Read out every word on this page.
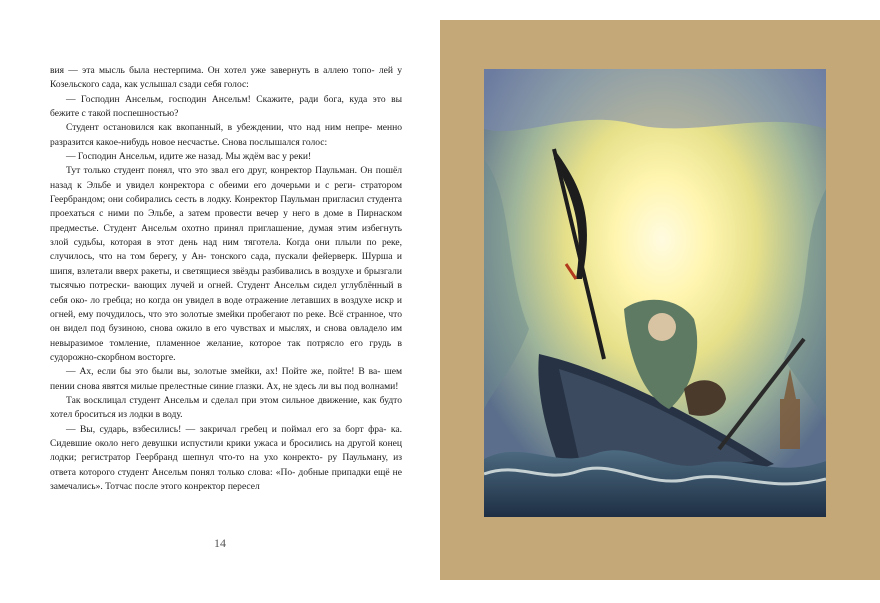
вия — эта мысль была нестерпима. Он хотел уже завернуть в аллею топо- лей у Козельского сада, как услышал сзади себя голос:

— Господин Ансельм, господин Ансельм! Скажите, ради бога, куда это вы бежите с такой поспешностью?

Студент остановился как вкопанный, в убеждении, что над ним непре- менно разразится какое-нибудь новое несчастье. Снова послышался голос:

— Господин Ансельм, идите же назад. Мы ждём вас у реки!

Тут только студент понял, что это звал его друг, конректор Паульман. Он пошёл назад к Эльбе и увидел конректора с обеими его дочерьми и с реги- стратором Геербрандом; они собирались сесть в лодку. Конректор Паульман пригласил студента проехаться с ними по Эльбе, а затем провести вечер у него в доме в Пирнаском предместье. Студент Ансельм охотно принял приглашение, думая этим избегнуть злой судьбы, которая в этот день над ним тяготела. Когда они плыли по реке, случилось, что на том берегу, у Ан- тонского сада, пускали фейерверк. Шурша и шипя, взлетали вверх ракеты, и светящиеся звёзды разбивались в воздухе и брызгали тысячью потрески- вающих лучей и огней. Студент Ансельм сидел углублённый в себя око- ло гребца; но когда он увидел в воде отражение летавших в воздухе искр и огней, ему почудилось, что это золотые змейки пробегают по реке. Всё странное, что он видел под бузиною, снова ожило в его чувствах и мыслях, и снова овладело им невыразимое томление, пламенное желание, которое так потрясло его грудь в судорожно-скорбном восторге.

— Ах, если бы это были вы, золотые змейки, ах! Пойте же, пойте! В ва- шем пении снова явятся милые прелестные синие глазки. Ах, не здесь ли вы под волнами!

Так восклицал студент Ансельм и сделал при этом сильное движение, как будто хотел броситься из лодки в воду.

— Вы, сударь, взбесились! — закричал гребец и поймал его за борт фра- ка. Сидевшие около него девушки испустили крики ужаса и бросились на другой конец лодки; регистратор Геербранд шепнул что-то на ухо конректо- ру Паульману, из ответа которого студент Ансельм понял только слова: «По- добные припадки ещё не замечались». Тотчас после этого конректор пересел

14
